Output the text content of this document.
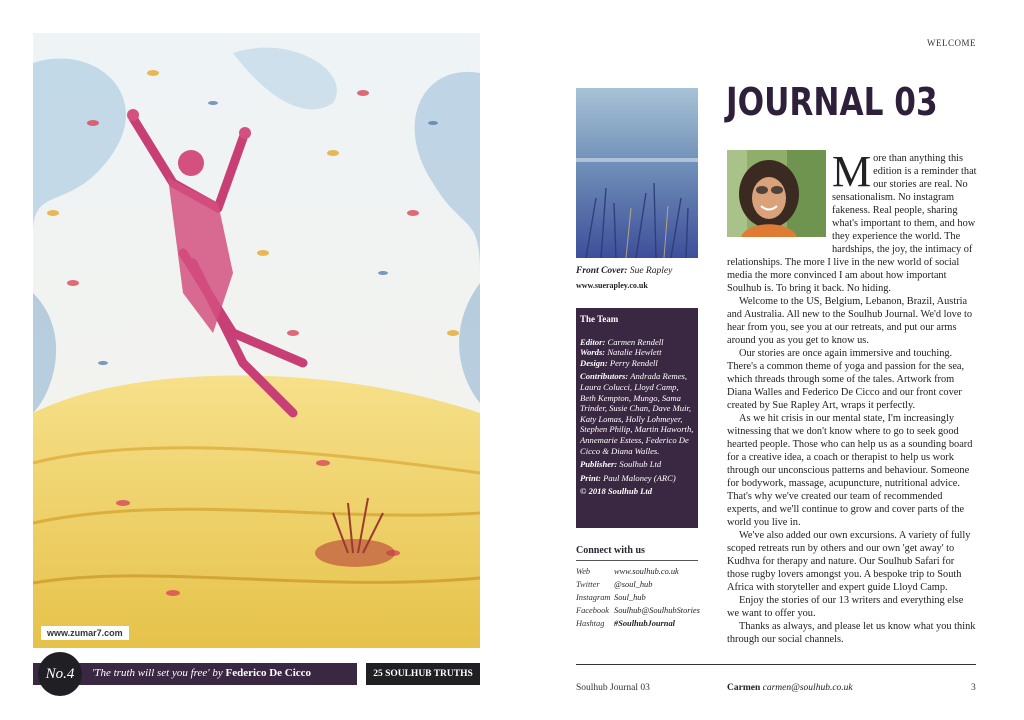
www.zumar7.com
'The truth will set you free' by Federico De Cicco
No.4	25 SOULHUB TRUTHS
WELCOME
Front Cover: Sue Rapley
www.suerapley.co.uk
The Team
Editor: Carmen Rendell
Words: Natalie Hewlett
Design: Perry Rendell
Contributors: Andrada Remes, Laura Colucci, Lloyd Camp, Beth Kempton, Mungo, Sama Trinder, Susie Chan, Dave Muir, Katy Lomas, Holly Lohmeyer, Stephen Philip, Martin Haworth, Annemarie Estess, Federico De Cicco & Diana Walles.
Publisher: Soulhub Ltd
Print: Paul Maloney (ARC)
© 2018 Soulhub Ltd
Connect with us
Web	www.soulhub.co.uk
Twitter	@soul_hub
Instagram Soul_hub
Facebook Soulhub@SoulhubStories
Hashtag	#SoulhubJournal
JOURNAL 03

More than anything this edition is a reminder that our stories are real. No sensationalism. No instagram fakeness. Real people, sharing what's important to them, and how they experience the world. The hardships, the joy, the intimacy of relationships. The more I live in the new world of social media the more convinced I am about how important Soulhub is. To bring it back. No hiding.

Welcome to the US, Belgium, Lebanon, Brazil, Austria and Australia. All new to the Soulhub Journal. We'd love to hear from you, see you at our retreats, and put our arms around you as you get to know us.

Our stories are once again immersive and touching. There's a common theme of yoga and passion for the sea, which threads through some of the tales. Artwork from Diana Walles and Federico De Cicco and our front cover created by Sue Rapley Art, wraps it perfectly.

As we hit crisis in our mental state, I'm increasingly witnessing that we don't know where to go to seek good hearted people. Those who can help us as a sounding board for a creative idea, a coach or therapist to help us work through our unconscious patterns and behaviour. Someone for bodywork, massage, acupuncture, nutritional advice. That's why we've created our team of recommended experts, and we'll continue to grow and cover parts of the world you live in.

We've also added our own excursions. A variety of fully scoped retreats run by others and our own 'get away' to Kudhva for therapy and nature. Our Soulhub Safari for those rugby lovers amongst you. A bespoke trip to South Africa with storyteller and expert guide Lloyd Camp.

Enjoy the stories of our 13 writers and everything else we want to offer you.

Thanks as always, and please let us know what you think through our social channels.

Soulhub Journal 03	Carmen carmen@soulhub.co.uk	3
